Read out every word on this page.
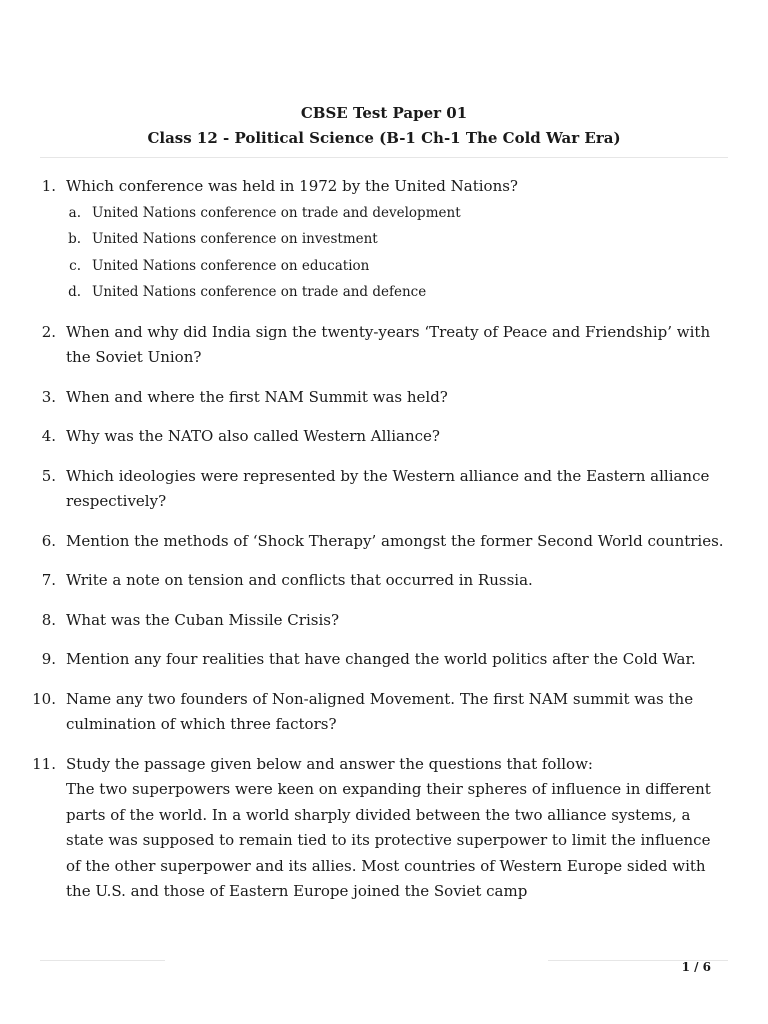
CBSE Test Paper 01
Class 12 - Political Science (B-1 Ch-1 The Cold War Era)
1. Which conference was held in 1972 by the United Nations?
a. United Nations conference on trade and development
b. United Nations conference on investment
c. United Nations conference on education
d. United Nations conference on trade and defence
2. When and why did India sign the twenty-years ‘Treaty of Peace and Friendship’ with the Soviet Union?
3. When and where the first NAM Summit was held?
4. Why was the NATO also called Western Alliance?
5. Which ideologies were represented by the Western alliance and the Eastern alliance respectively?
6. Mention the methods of ‘Shock Therapy’ amongst the former Second World countries.
7. Write a note on tension and conflicts that occurred in Russia.
8. What was the Cuban Missile Crisis?
9. Mention any four realities that have changed the world politics after the Cold War.
10. Name any two founders of Non-aligned Movement. The first NAM summit was the culmination of which three factors?
11. Study the passage given below and answer the questions that follow:
The two superpowers were keen on expanding their spheres of influence in different parts of the world. In a world sharply divided between the two alliance systems, a state was supposed to remain tied to its protective superpower to limit the influence of the other superpower and its allies. Most countries of Western Europe sided with the U.S. and those of Eastern Europe joined the Soviet camp
1 / 6
